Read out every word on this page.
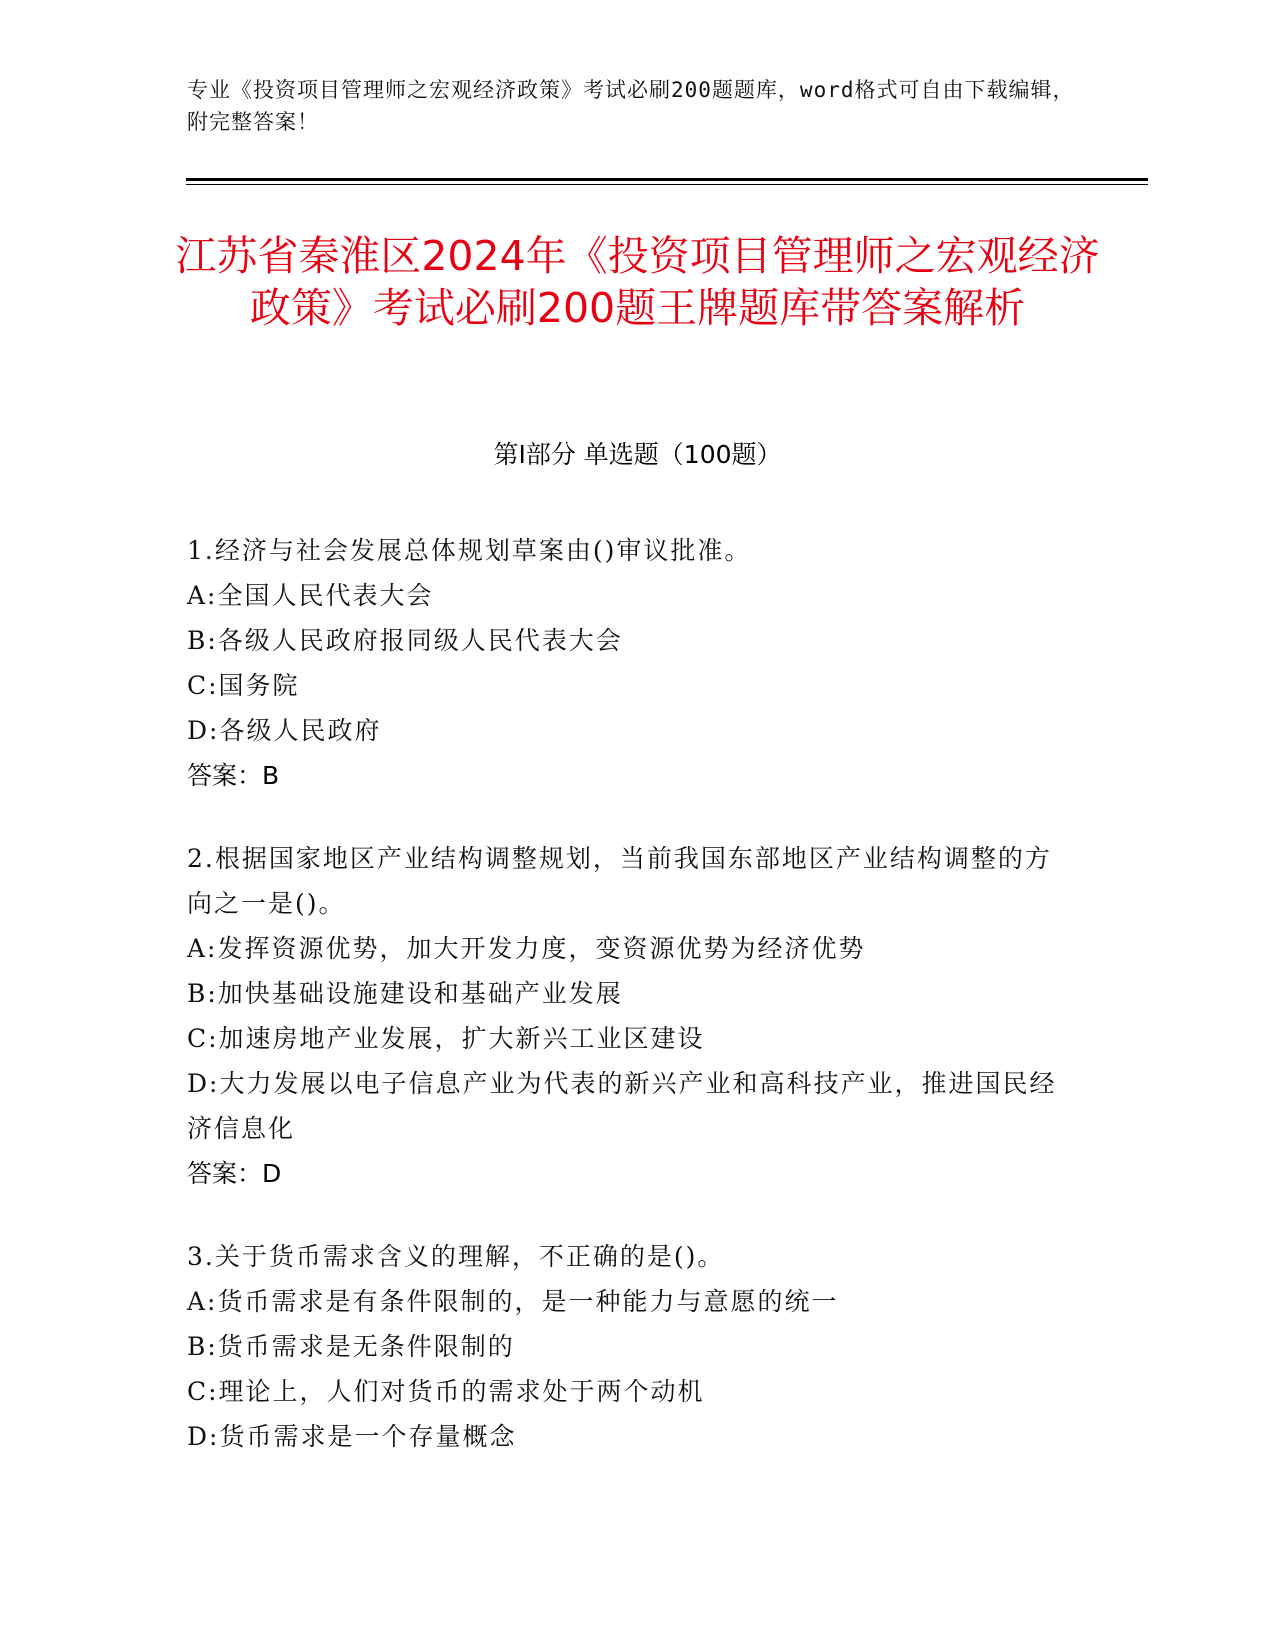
专业《投资项目管理师之宏观经济政策》考试必刷200题题库，word格式可自由下载编辑，附完整答案！
江苏省秦淮区2024年《投资项目管理师之宏观经济政策》考试必刷200题王牌题库带答案解析
第I部分 单选题（100题）

1.经济与社会发展总体规划草案由()审议批准。

A:全国人民代表大会

B:各级人民政府报同级人民代表大会

C:国务院

D:各级人民政府

答案：B

2.根据国家地区产业结构调整规划，当前我国东部地区产业结构调整的方向之一是()。

A:发挥资源优势，加大开发力度，变资源优势为经济优势

B:加快基础设施建设和基础产业发展

C:加速房地产业发展，扩大新兴工业区建设

D:大力发展以电子信息产业为代表的新兴产业和高科技产业，推进国民经济信息化

答案：D

3.关于货币需求含义的理解，不正确的是()。

A:货币需求是有条件限制的，是一种能力与意愿的统一

B:货币需求是无条件限制的

C:理论上，人们对货币的需求处于两个动机

D:货币需求是一个存量概念
